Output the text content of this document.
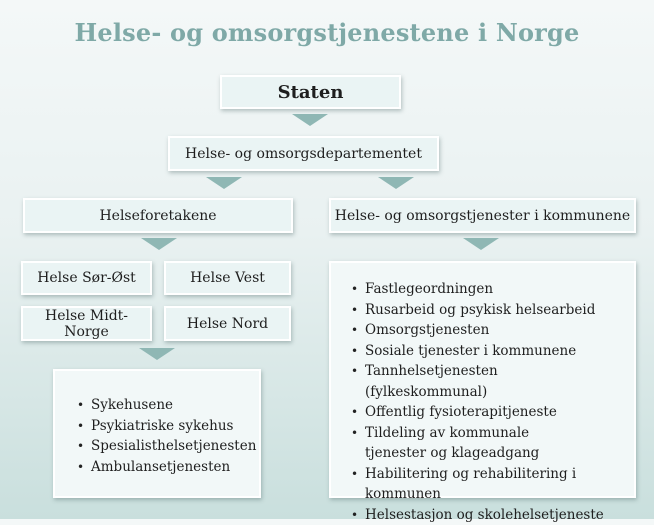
Helse- og omsorgstjenestene i Norge
Staten
Helse- og omsorgsdepartementet
Helseforetakene	Helse- og omsorgstjenester i kommunene
Helse Sør-Øst	Helse Vest
Helse Midt-Norge	Helse Nord
• Sykehusene
• Psykiatriske sykehus
• Spesialisthelsetjenesten
• Ambulansetjenesten
• Fastlegeordningen
• Rusarbeid og psykisk helsearbeid
• Omsorgstjenesten
• Sosiale tjenester i kommunene
• Tannhelsetjenesten (fylkeskommunal)
• Offentlig fysioterapitjeneste
• Tildeling av kommunale tjenester og klageadgang
• Habilitering og rehabilitering i kommunen
• Helsestasjon og skolehelsetjeneste
